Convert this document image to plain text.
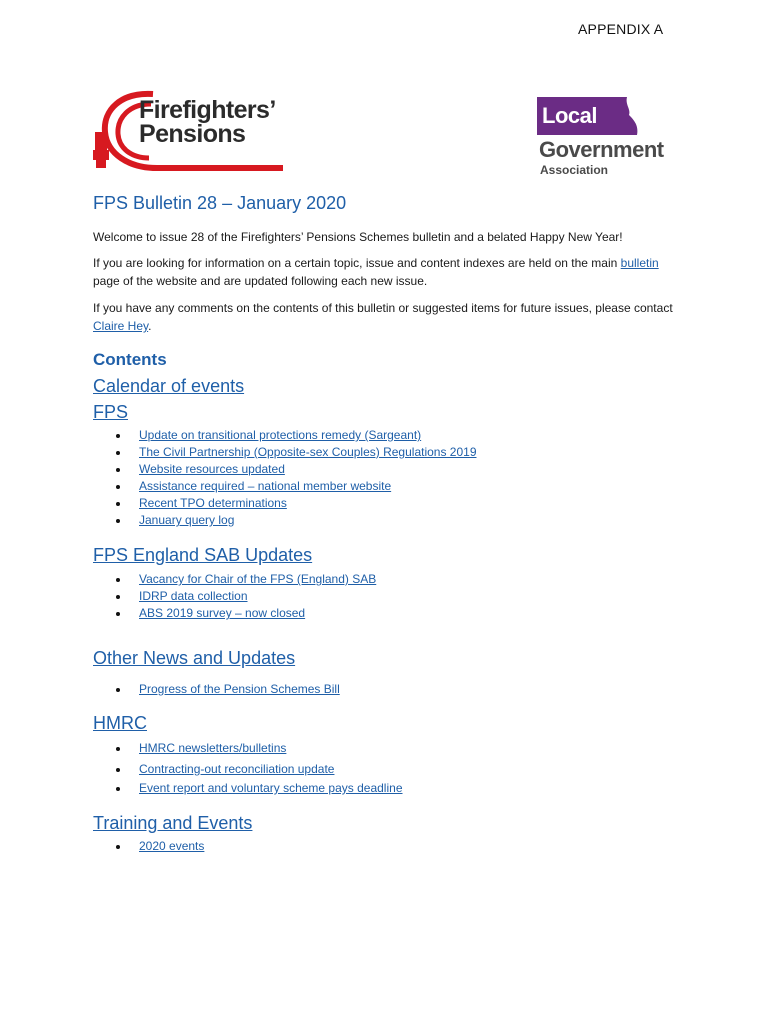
APPENDIX A
Firefighters’
Pensions
Local
Government
Association
FPS Bulletin 28 – January 2020
Welcome to issue 28 of the Firefighters’ Pensions Schemes bulletin and a belated Happy New Year!
If you are looking for information on a certain topic, issue and content indexes are held on the main bulletin page of the website and are updated following each new issue.
If you have any comments on the contents of this bulletin or suggested items for future issues, please contact Claire Hey.
Contents
Calendar of events
FPS
Update on transitional protections remedy (Sargeant)
The Civil Partnership (Opposite-sex Couples) Regulations 2019
Website resources updated
Assistance required – national member website
Recent TPO determinations
January query log
FPS England SAB Updates
Vacancy for Chair of the FPS (England) SAB
IDRP data collection
ABS 2019 survey – now closed
Other News and Updates
Progress of the Pension Schemes Bill
HMRC
HMRC newsletters/bulletins
Contracting-out reconciliation update
Event report and voluntary scheme pays deadline
Training and Events
2020 events
